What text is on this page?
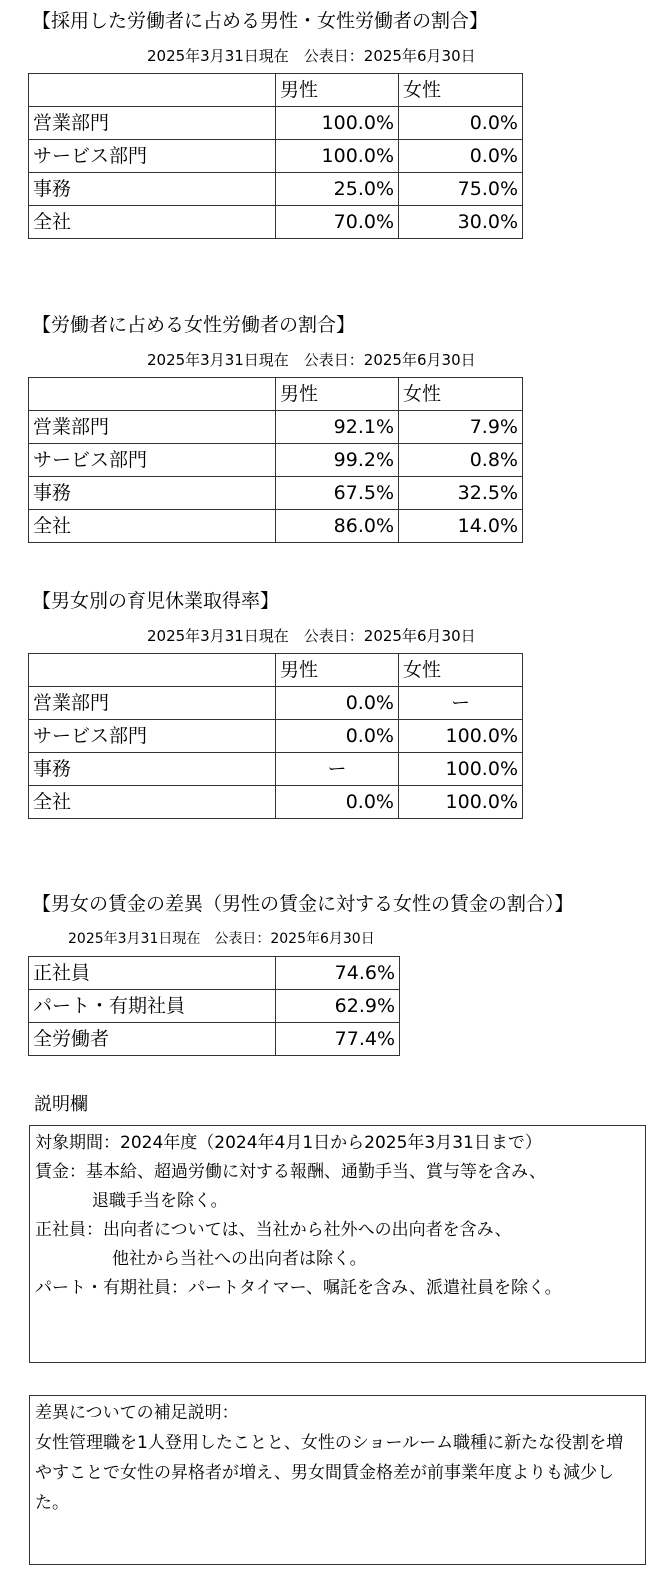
【採用した労働者に占める男性・女性労働者の割合】
2025年3月31日現在　公表日：2025年6月30日
	男性	女性
営業部門	100.0%	0.0%
サービス部門	100.0%	0.0%
事務	25.0%	75.0%
全社	70.0%	30.0%
【労働者に占める女性労働者の割合】
2025年3月31日現在　公表日：2025年6月30日
	男性	女性
営業部門	92.1%	7.9%
サービス部門	99.2%	0.8%
事務	67.5%	32.5%
全社	86.0%	14.0%
【男女別の育児休業取得率】
2025年3月31日現在　公表日：2025年6月30日
	男性	女性
営業部門	0.0%	ー
サービス部門	0.0%	100.0%
事務	ー	100.0%
全社	0.0%	100.0%
【男女の賃金の差異（男性の賃金に対する女性の賃金の割合）】
2025年3月31日現在　公表日：2025年6月30日
正社員	74.6%
パート・有期社員	62.9%
全労働者	77.4%
説明欄
対象期間：2024年度（2024年4月1日から2025年3月31日まで）
賃金：基本給、超過労働に対する報酬、通勤手当、賞与等を含み、
退職手当を除く。
正社員：出向者については、当社から社外への出向者を含み、
他社から当社への出向者は除く。
パート・有期社員：パートタイマー、嘱託を含み、派遣社員を除く。
差異についての補足説明：
女性管理職を1人登用したことと、女性のショールーム職種に新たな役割を増やすことで女性の昇格者が増え、男女間賃金格差が前事業年度よりも減少した。
